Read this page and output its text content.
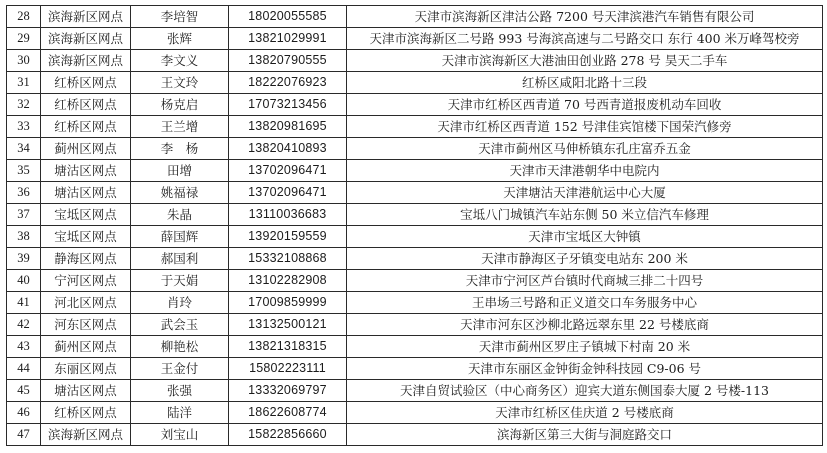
28	滨海新区网点	李培智	18020055585	天津市滨海新区津沽公路 7200 号天津滨港汽车销售有限公司
29	滨海新区网点	张辉	13821029991	天津市滨海新区二号路 993 号海滨高速与二号路交口 东行 400 米万峰驾校旁
30	滨海新区网点	李文义	13820790555	天津市滨海新区大港油田创业路 278 号 昊天二手车
31	红桥区网点	王文玲	18222076923	红桥区咸阳北路十三段
32	红桥区网点	杨克启	17073213456	天津市红桥区西青道 70 号西青道报废机动车回收
33	红桥区网点	王兰增	13820981695	天津市红桥区西青道 152 号津佳宾馆楼下国荣汽修旁
34	蓟州区网点	李　杨	13820410893	天津市蓟州区马伸桥镇东孔庄富乔五金
35	塘沽区网点	田增	13702096471	天津市天津港朝华中电院内
36	塘沽区网点	姚福禄	13702096471	天津塘沽天津港航运中心大厦
37	宝坻区网点	朱晶	13110036683	宝坻八门城镇汽车站东侧 50 米立信汽车修理
38	宝坻区网点	薛国辉	13920159559	天津市宝坻区大钟镇
39	静海区网点	郝国利	15332108868	天津市静海区子牙镇变电站东 200 米
40	宁河区网点	于天娟	13102282908	天津市宁河区芦台镇时代商城三排二十四号
41	河北区网点	肖玲	17009859999	王串场三号路和正义道交口车务服务中心
42	河东区网点	武会玉	13132500121	天津市河东区沙柳北路远翠东里 22 号楼底商
43	蓟州区网点	柳艳松	13821318315	天津市蓟州区罗庄子镇城下村南 20 米
44	东丽区网点	王金付	15802223111	天津市东丽区金钟街金钟科技园 C9-06 号
45	塘沽区网点	张强	13332069797	天津自贸试验区（中心商务区）迎宾大道东侧国泰大厦 2 号楼-113
46	红桥区网点	陆洋	18622608774	天津市红桥区佳庆道 2 号楼底商
47	滨海新区网点	刘宝山	15822856660	滨海新区第三大街与洞庭路交口
